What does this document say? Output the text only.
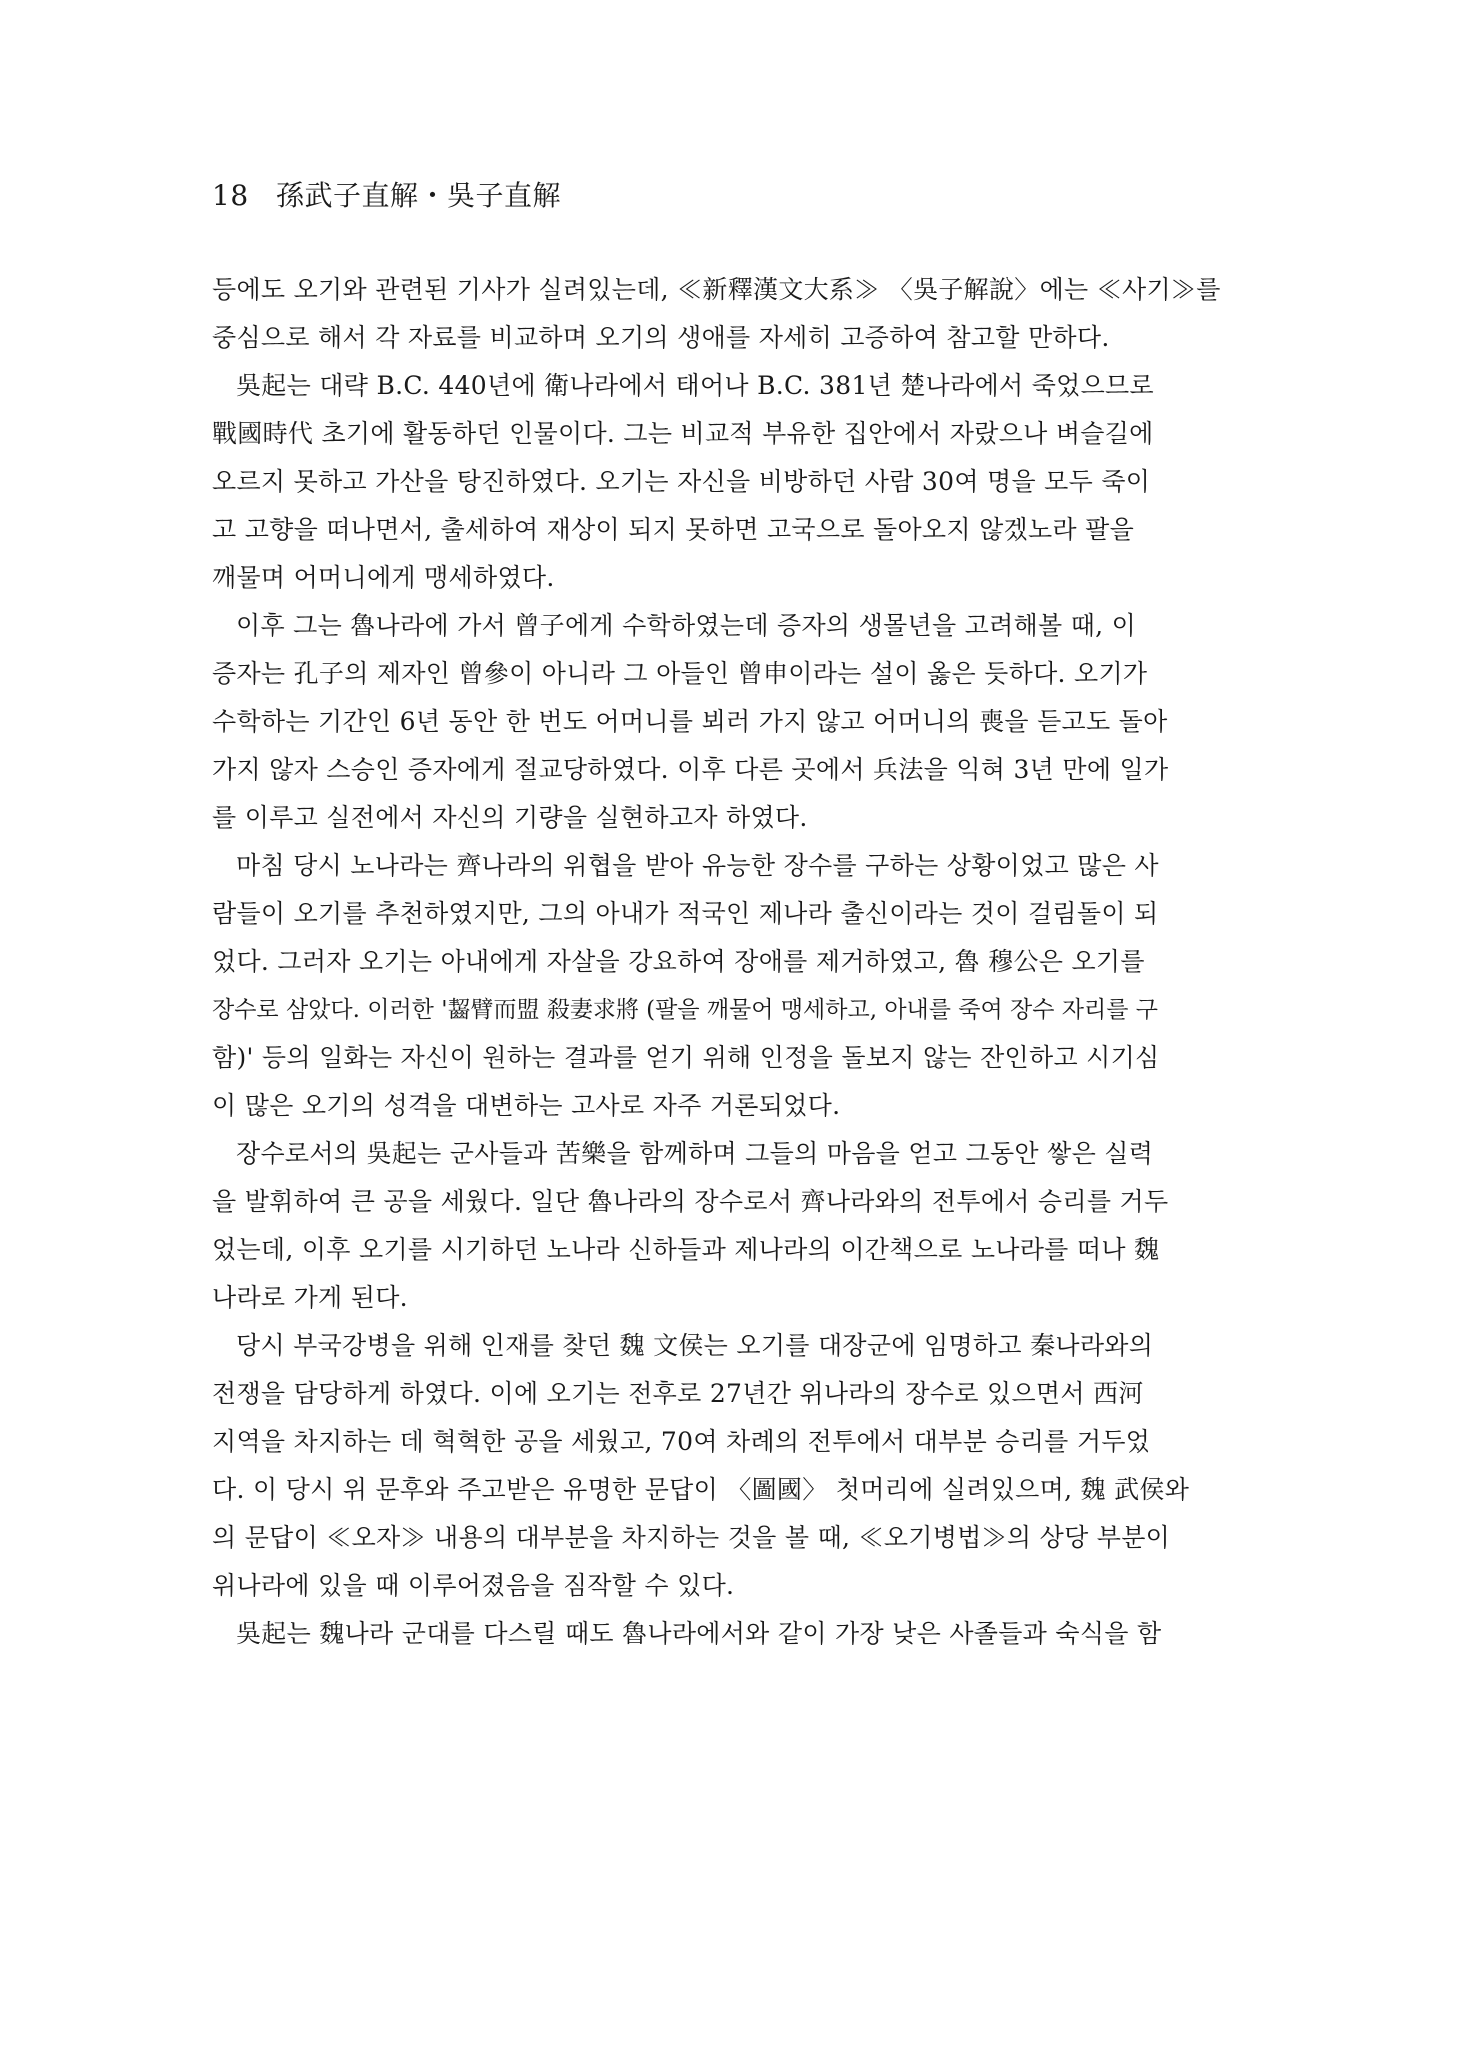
18 孫武子直解・吳子直解
등에도 오기와 관련된 기사가 실려있는데, ≪新釋漢文大系≫ 〈吳子解說〉에는 ≪사기≫를
중심으로 해서 각 자료를 비교하며 오기의 생애를 자세히 고증하여 참고할 만하다.
吳起는 대략 B.C. 440년에 衛나라에서 태어나 B.C. 381년 楚나라에서 죽었으므로
戰國時代 초기에 활동하던 인물이다. 그는 비교적 부유한 집안에서 자랐으나 벼슬길에
오르지 못하고 가산을 탕진하였다. 오기는 자신을 비방하던 사람 30여 명을 모두 죽이
고 고향을 떠나면서, 출세하여 재상이 되지 못하면 고국으로 돌아오지 않겠노라 팔을
깨물며 어머니에게 맹세하였다.
이후 그는 魯나라에 가서 曾子에게 수학하였는데 증자의 생몰년을 고려해볼 때, 이
증자는 孔子의 제자인 曾參이 아니라 그 아들인 曾申이라는 설이 옳은 듯하다. 오기가
수학하는 기간인 6년 동안 한 번도 어머니를 뵈러 가지 않고 어머니의 喪을 듣고도 돌아
가지 않자 스승인 증자에게 절교당하였다. 이후 다른 곳에서 兵法을 익혀 3년 만에 일가
를 이루고 실전에서 자신의 기량을 실현하고자 하였다.
마침 당시 노나라는 齊나라의 위협을 받아 유능한 장수를 구하는 상황이었고 많은 사
람들이 오기를 추천하였지만, 그의 아내가 적국인 제나라 출신이라는 것이 걸림돌이 되
었다. 그러자 오기는 아내에게 자살을 강요하여 장애를 제거하였고, 魯 穆公은 오기를
장수로 삼았다. 이러한 '齧臂而盟 殺妻求將 (팔을 깨물어 맹세하고, 아내를 죽여 장수 자리를 구
함)' 등의 일화는 자신이 원하는 결과를 얻기 위해 인정을 돌보지 않는 잔인하고 시기심
이 많은 오기의 성격을 대변하는 고사로 자주 거론되었다.
장수로서의 吳起는 군사들과 苦樂을 함께하며 그들의 마음을 얻고 그동안 쌓은 실력
을 발휘하여 큰 공을 세웠다. 일단 魯나라의 장수로서 齊나라와의 전투에서 승리를 거두
었는데, 이후 오기를 시기하던 노나라 신하들과 제나라의 이간책으로 노나라를 떠나 魏
나라로 가게 된다.
당시 부국강병을 위해 인재를 찾던 魏 文侯는 오기를 대장군에 임명하고 秦나라와의
전쟁을 담당하게 하였다. 이에 오기는 전후로 27년간 위나라의 장수로 있으면서 西河
지역을 차지하는 데 혁혁한 공을 세웠고, 70여 차례의 전투에서 대부분 승리를 거두었
다. 이 당시 위 문후와 주고받은 유명한 문답이 〈圖國〉 첫머리에 실려있으며, 魏 武侯와
의 문답이 ≪오자≫ 내용의 대부분을 차지하는 것을 볼 때, ≪오기병법≫의 상당 부분이
위나라에 있을 때 이루어졌음을 짐작할 수 있다.
吳起는 魏나라 군대를 다스릴 때도 魯나라에서와 같이 가장 낮은 사졸들과 숙식을 함
